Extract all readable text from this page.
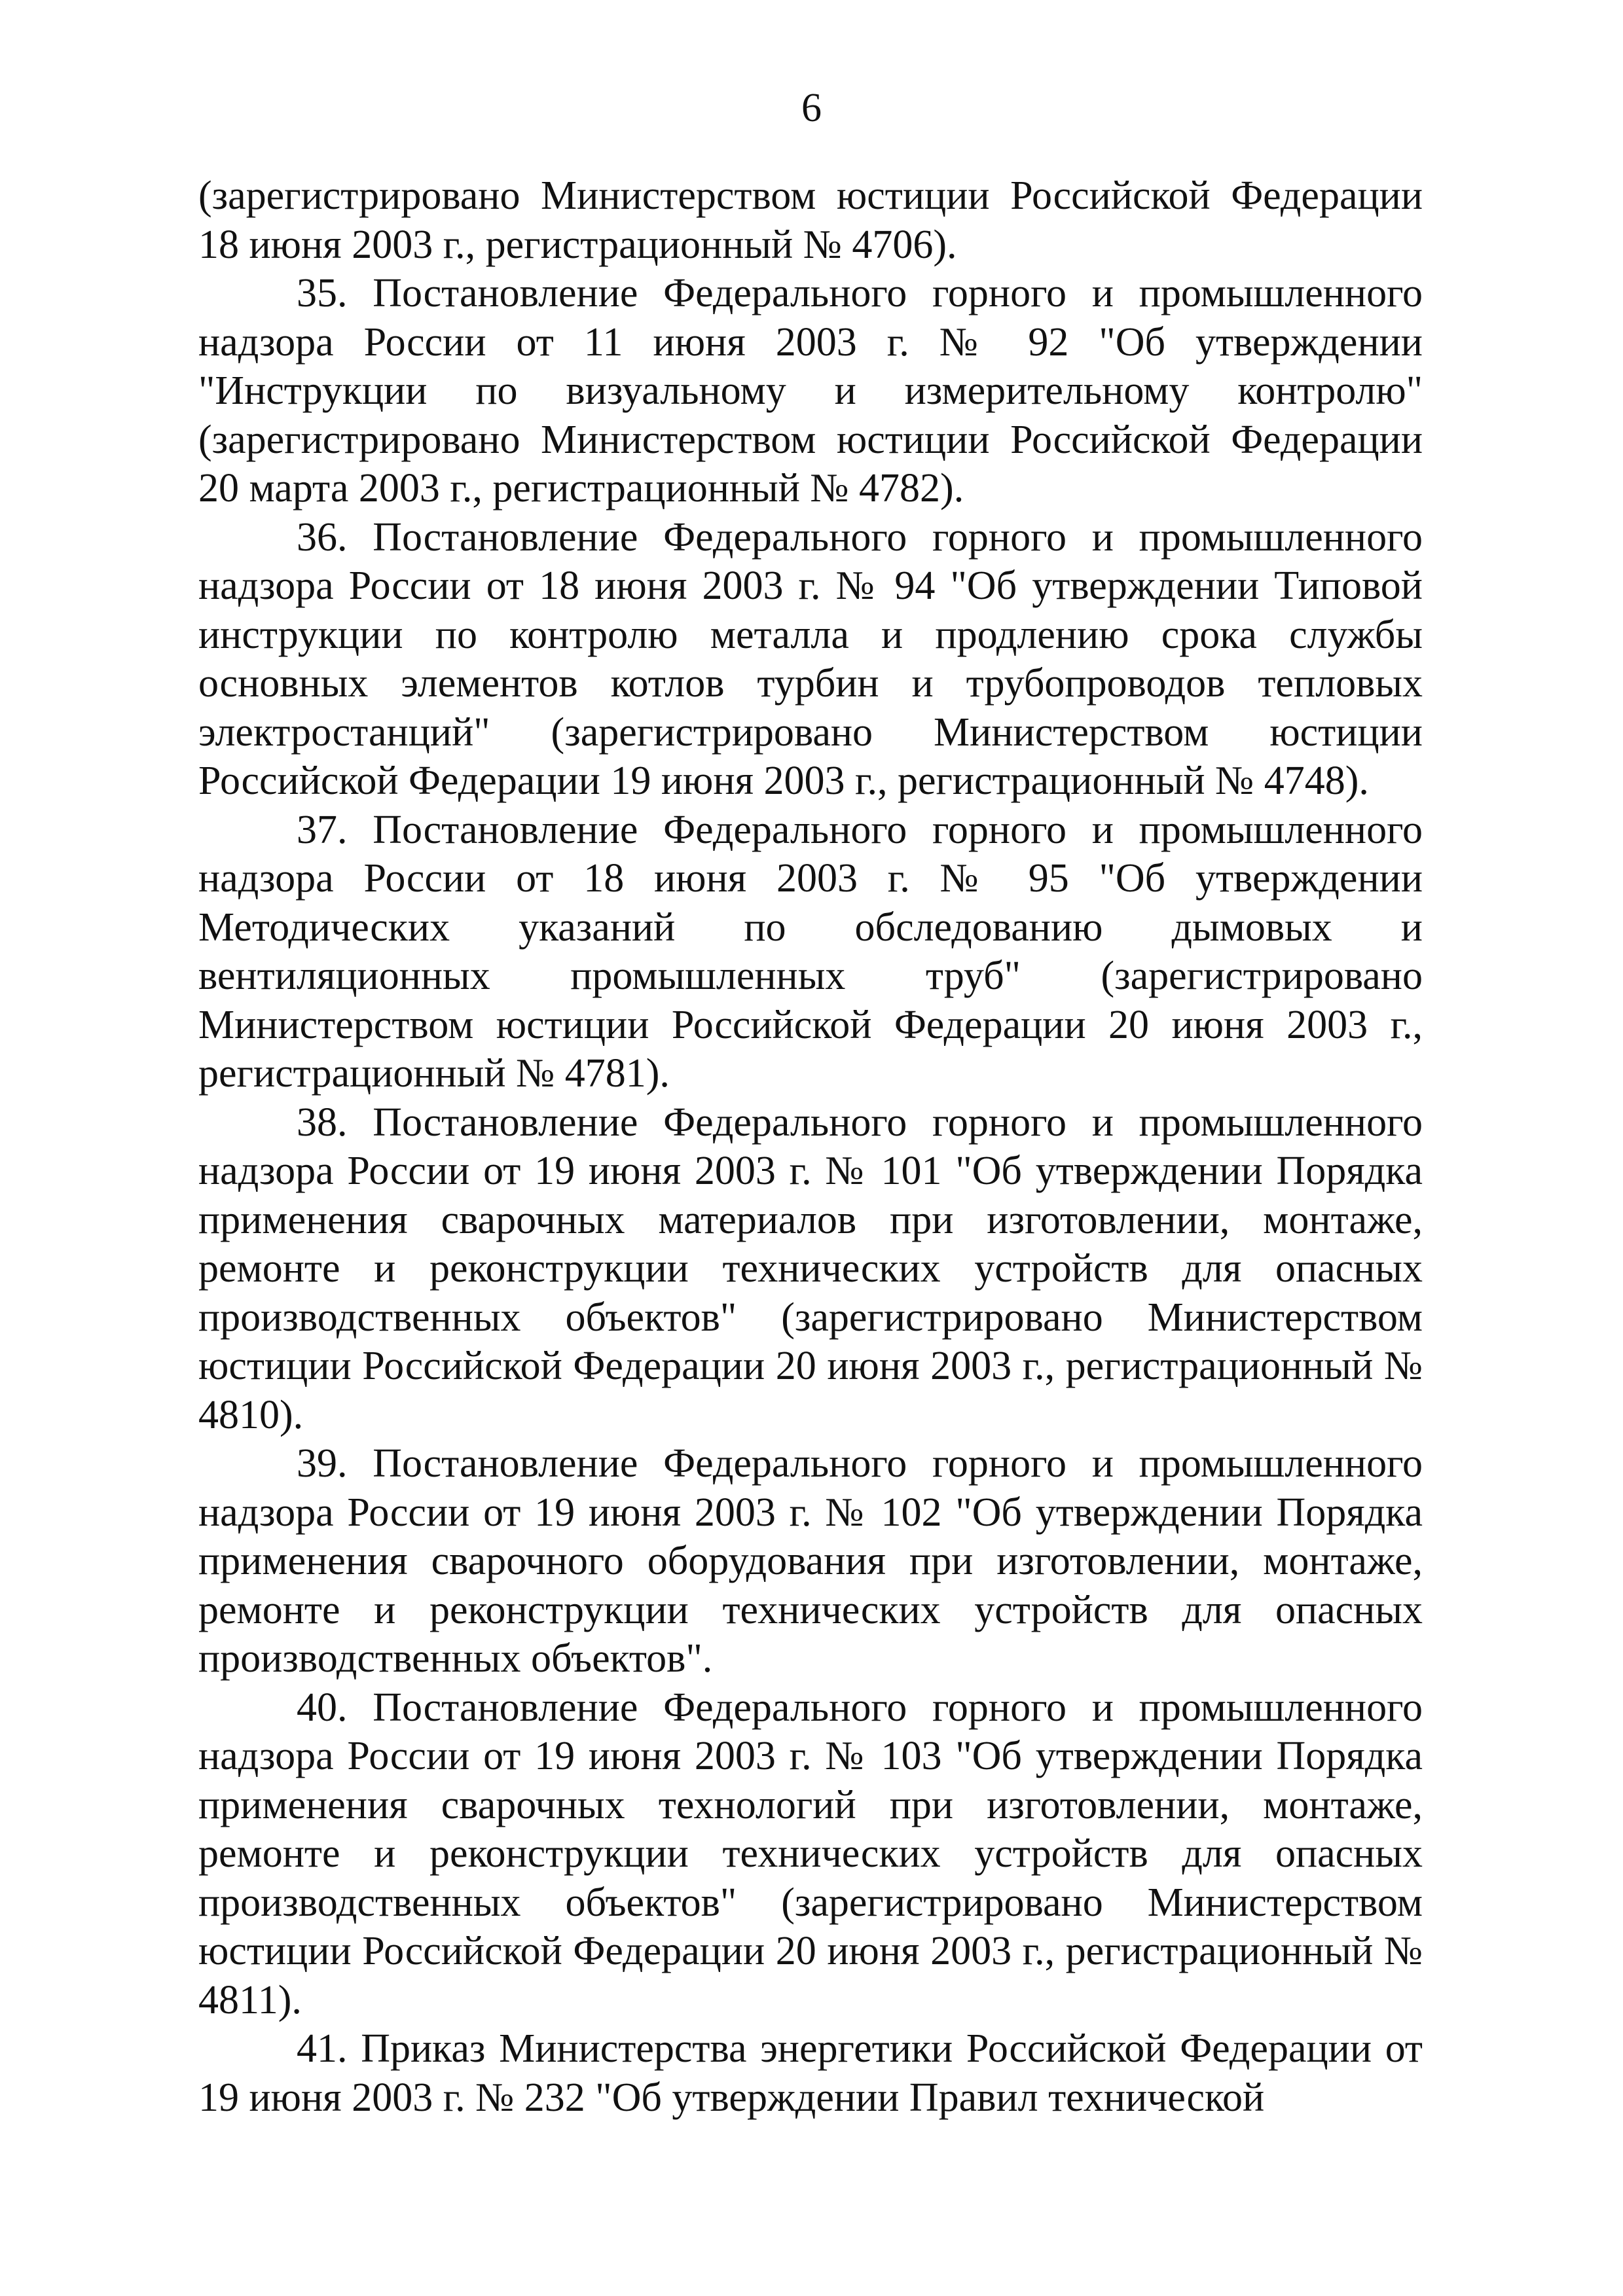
6

(зарегистрировано Министерством юстиции Российской Федерации 18 июня 2003 г., регистрационный № 4706).

35. Постановление Федерального горного и промышленного надзора России от 11 июня 2003 г. № 92 "Об утверждении "Инструкции по визуальному и измерительному контролю" (зарегистрировано Министерством юстиции Российской Федерации 20 марта 2003 г., регистрационный № 4782).

36. Постановление Федерального горного и промышленного надзора России от 18 июня 2003 г. № 94 "Об утверждении Типовой инструкции по контролю металла и продлению срока службы основных элементов котлов турбин и трубопроводов тепловых электростанций" (зарегистрировано Министерством юстиции Российской Федерации 19 июня 2003 г., регистрационный № 4748).

37. Постановление Федерального горного и промышленного надзора России от 18 июня 2003 г. № 95 "Об утверждении Методических указаний по обследованию дымовых и вентиляционных промышленных труб" (зарегистрировано Министерством юстиции Российской Федерации 20 июня 2003 г., регистрационный № 4781).

38. Постановление Федерального горного и промышленного надзора России от 19 июня 2003 г. № 101 "Об утверждении Порядка применения сварочных материалов при изготовлении, монтаже, ремонте и реконструкции технических устройств для опасных производственных объектов" (зарегистрировано Министерством юстиции Российской Федерации 20 июня 2003 г., регистрационный № 4810).

39. Постановление Федерального горного и промышленного надзора России от 19 июня 2003 г. № 102 "Об утверждении Порядка применения сварочного оборудования при изготовлении, монтаже, ремонте и реконструкции технических устройств для опасных производственных объектов".

40. Постановление Федерального горного и промышленного надзора России от 19 июня 2003 г. № 103 "Об утверждении Порядка применения сварочных технологий при изготовлении, монтаже, ремонте и реконструкции технических устройств для опасных производственных объектов" (зарегистрировано Министерством юстиции Российской Федерации 20 июня 2003 г., регистрационный № 4811).

41. Приказ Министерства энергетики Российской Федерации от 19 июня 2003 г. № 232 "Об утверждении Правил технической
